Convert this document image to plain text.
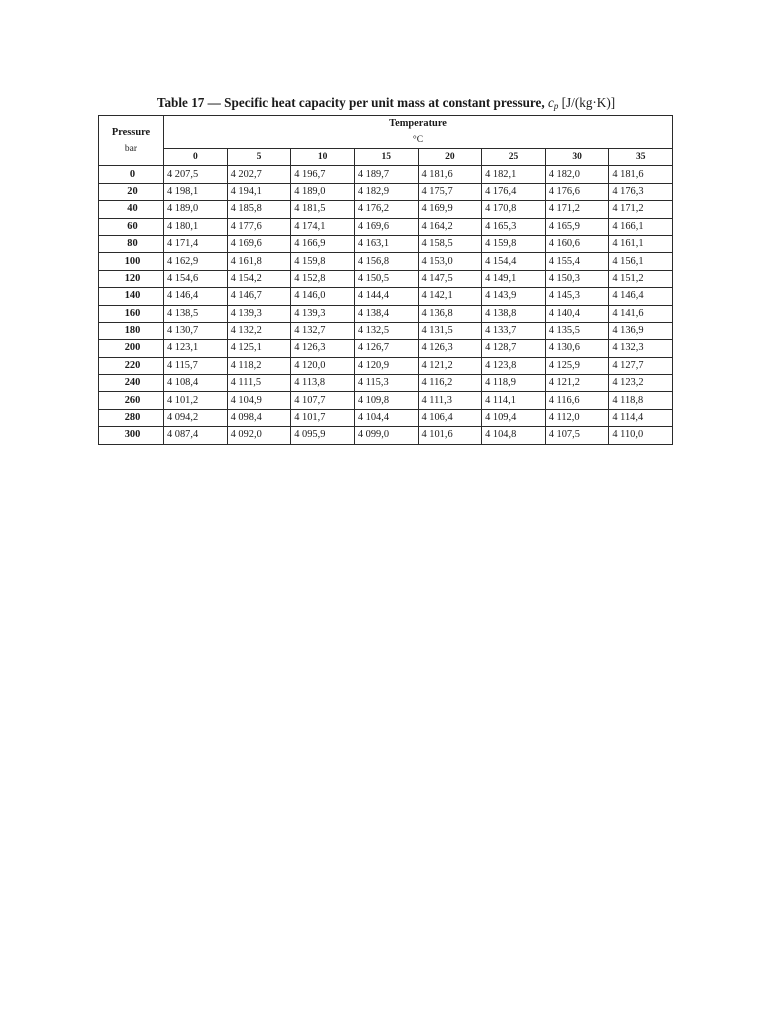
Table 17 — Specific heat capacity per unit mass at constant pressure, $c_p$ [J/(kg·K)]
Pressure
bar	Temperature
°C							

	0	5	10	15	20	25	30	35
0	4 207,5	4 202,7	4 196,7	4 189,7	4 181,6	4 182,1	4 182,0	4 181,6
20	4 198,1	4 194,1	4 189,0	4 182,9	4 175,7	4 176,4	4 176,6	4 176,3
40	4 189,0	4 185,8	4 181,5	4 176,2	4 169,9	4 170,8	4 171,2	4 171,2
60	4 180,1	4 177,6	4 174,1	4 169,6	4 164,2	4 165,3	4 165,9	4 166,1
80	4 171,4	4 169,6	4 166,9	4 163,1	4 158,5	4 159,8	4 160,6	4 161,1
100	4 162,9	4 161,8	4 159,8	4 156,8	4 153,0	4 154,4	4 155,4	4 156,1
120	4 154,6	4 154,2	4 152,8	4 150,5	4 147,5	4 149,1	4 150,3	4 151,2
140	4 146,4	4 146,7	4 146,0	4 144,4	4 142,1	4 143,9	4 145,3	4 146,4
160	4 138,5	4 139,3	4 139,3	4 138,4	4 136,8	4 138,8	4 140,4	4 141,6
180	4 130,7	4 132,2	4 132,7	4 132,5	4 131,5	4 133,7	4 135,5	4 136,9
200	4 123,1	4 125,1	4 126,3	4 126,7	4 126,3	4 128,7	4 130,6	4 132,3
220	4 115,7	4 118,2	4 120,0	4 120,9	4 121,2	4 123,8	4 125,9	4 127,7
240	4 108,4	4 111,5	4 113,8	4 115,3	4 116,2	4 118,9	4 121,2	4 123,2
260	4 101,2	4 104,9	4 107,7	4 109,8	4 111,3	4 114,1	4 116,6	4 118,8
280	4 094,2	4 098,4	4 101,7	4 104,4	4 106,4	4 109,4	4 112,0	4 114,4
300	4 087,4	4 092,0	4 095,9	4 099,0	4 101,6	4 104,8	4 107,5	4 110,0
